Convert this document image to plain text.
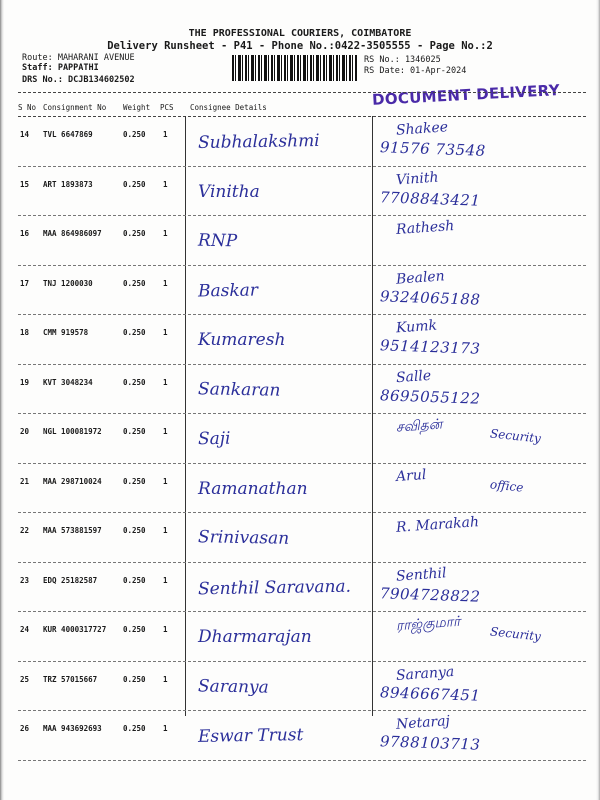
THE PROFESSIONAL COURIERS, COIMBATORE
Delivery Runsheet - P41 - Phone No.:0422-3505555 - Page No.:2
Route: MAHARANI AVENUE
Staff: PAPPATHI
DRS No.: DCJB134602502
RS No.: 1346025
RS Date: 01-Apr-2024
DOCUMENT DELIVERY
S No Consignment No Weight PCS Consignee Details
14 TVL 6647869	0.250 1 Subhalakshmi
Shakee
91576 73548
15 ART 1893873	0.250 1 Vinitha
Vinith
7708843421
16 MAA 864986097	0.250 1 RNP
Rathesh
17 TNJ 1200030	0.250 1 Baskar
Bealen
9324065188
18 CMM 919578	0.250 1 Kumaresh
Kumk
9514123173
19 KVT 3048234	0.250 1 Sankaran
Salle
8695055122
20 NGL 100081972	0.250 1 Saji
சவிதன்
Security
21 MAA 298710024	0.250 1 Ramanathan
Arul
office
22 MAA 573881597	0.250 1 Srinivasan
R. Marakah
23 EDQ 25182587	0.250 1 Senthil Saravana.
Senthil
7904728822
24 KUR 4000317727 0.250 1 Dharmarajan
ராஜ்குமார் Security
25 TRZ 57015667	0.250 1 Saranya
Saranya
8946667451
26 MAA 943692693	0.250 1 Eswar Trust
Netaraj
9788103713
